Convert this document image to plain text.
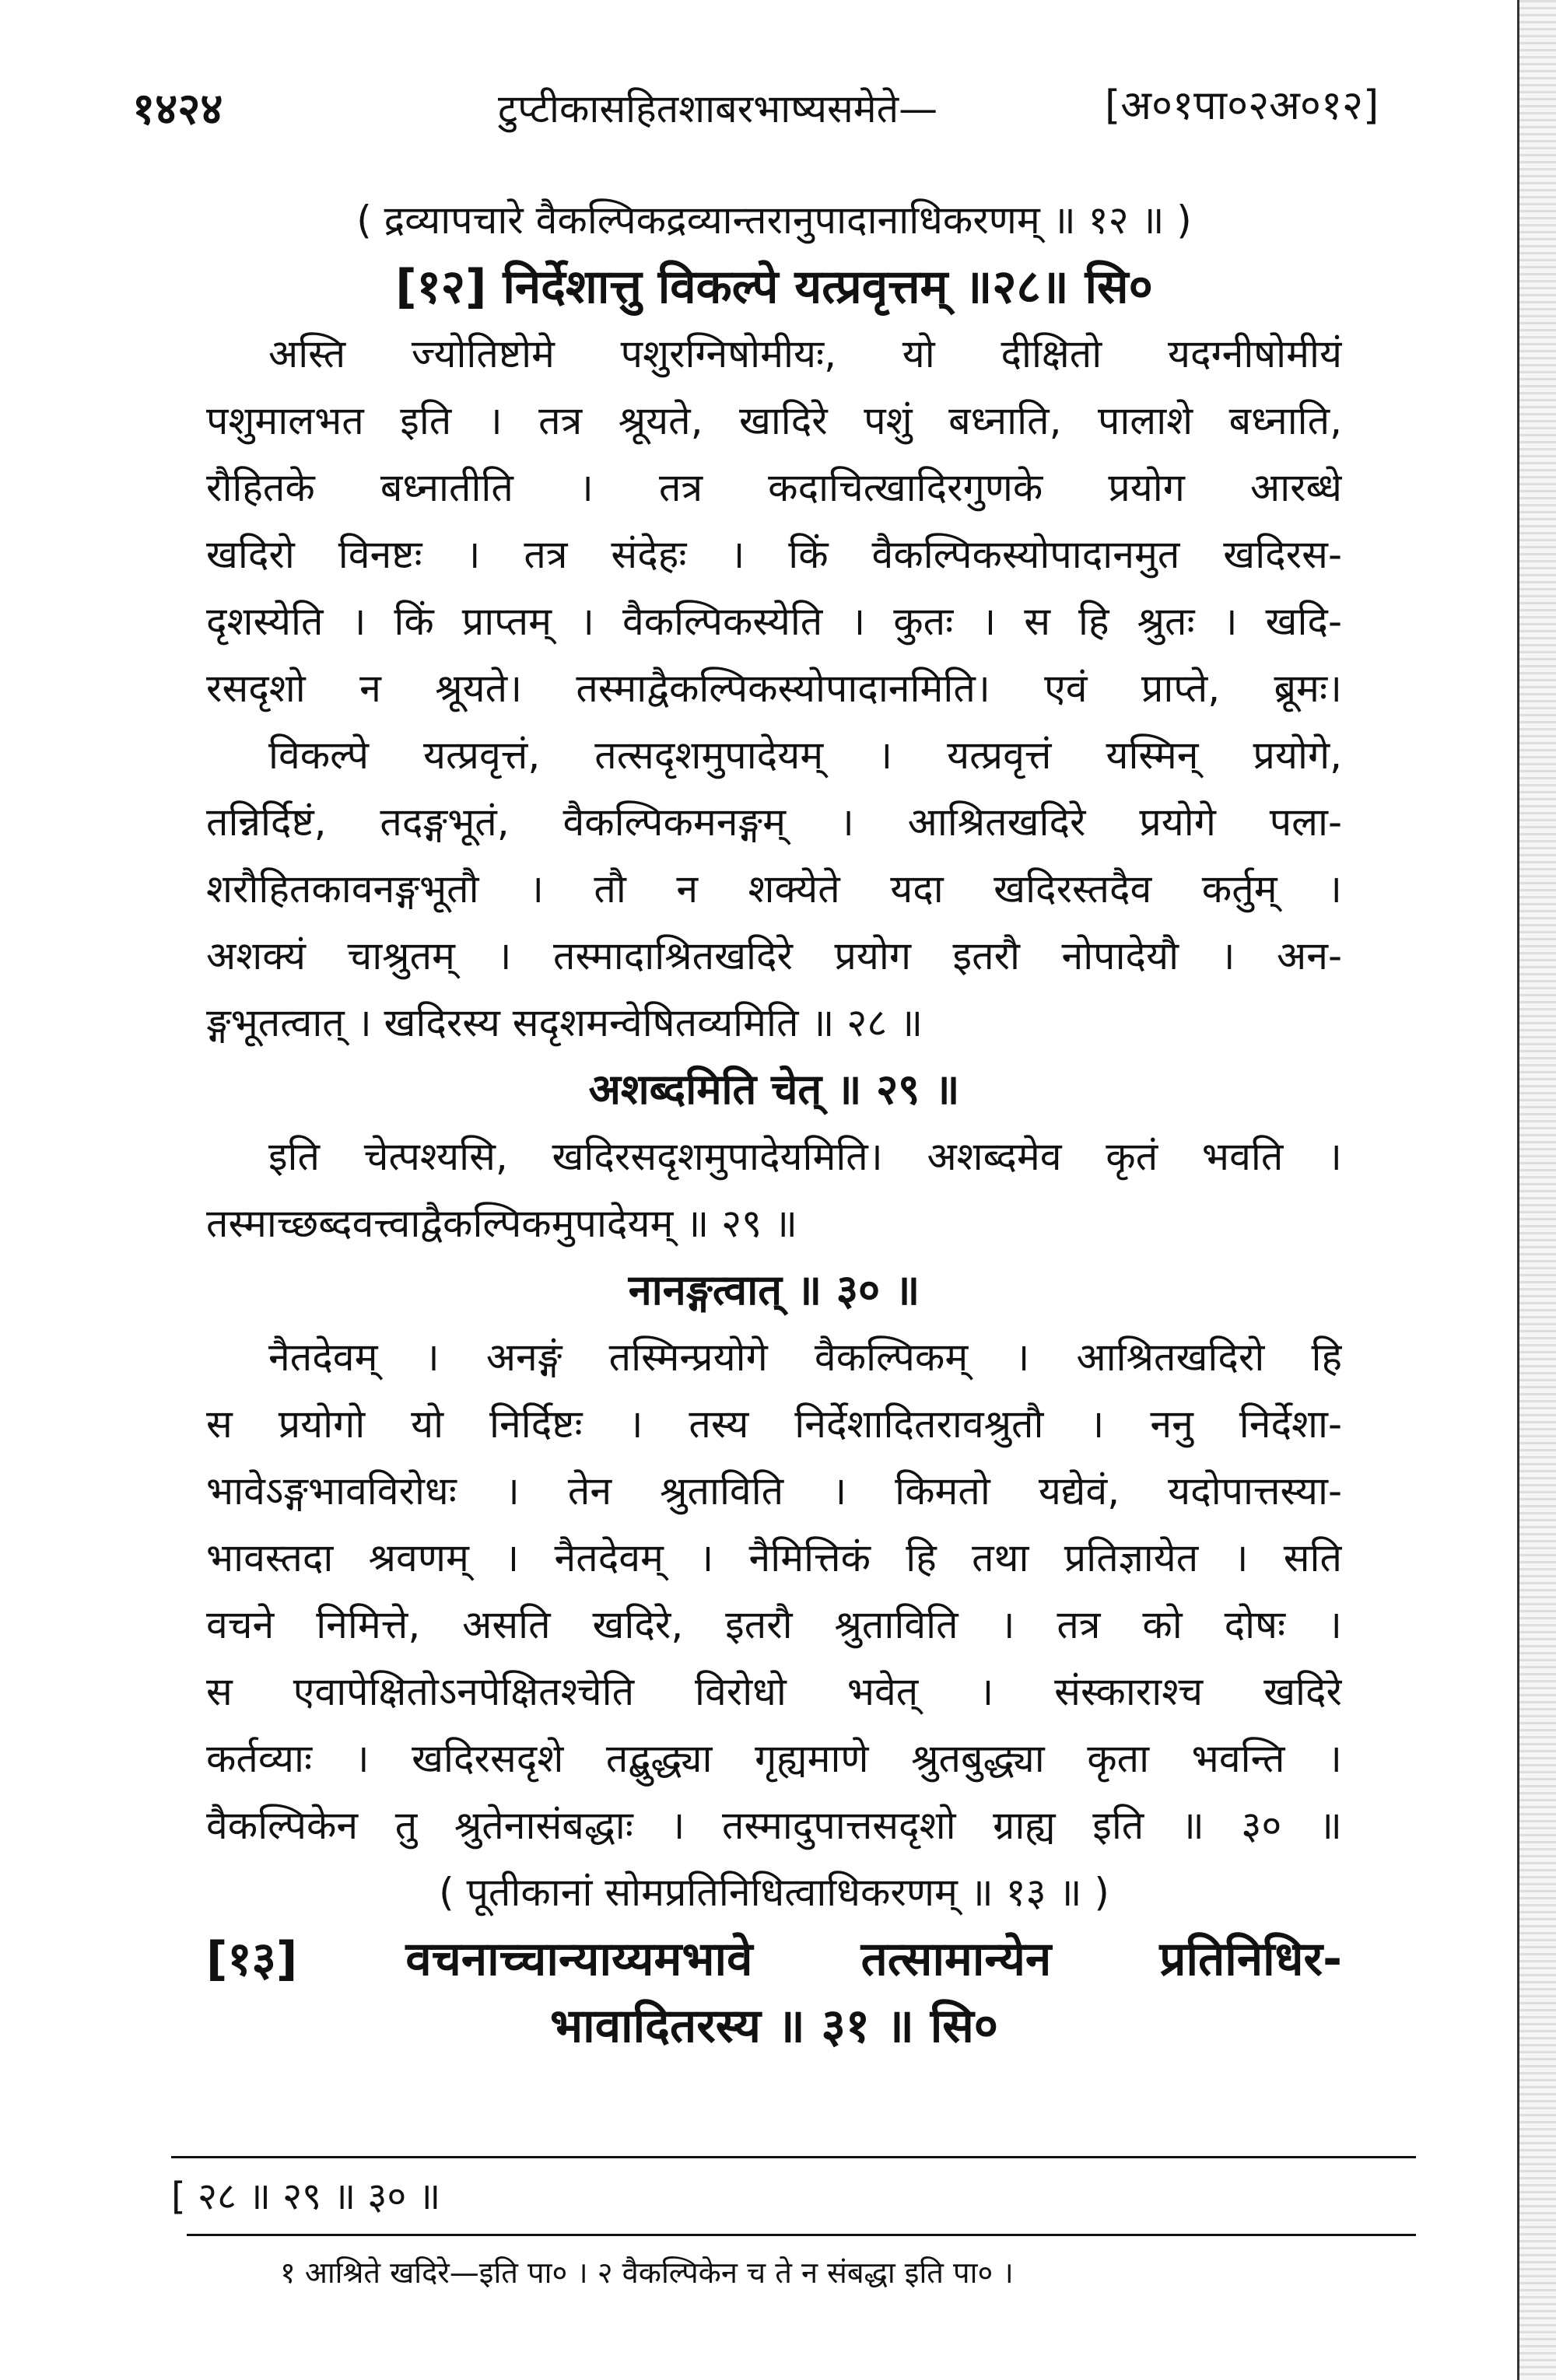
१४२४	टुप्टीकासहितशाबरभाष्यसमेते—	[अ०१पा०२अ०१२]
( द्रव्यापचारे वैकल्पिकद्रव्यान्तरानुपादानाधिकरणम् ॥ १२ ॥ )
[१२] निर्देशात्तु विकल्पे यत्प्रवृत्तम् ॥२८॥ सि०
अस्ति ज्योतिष्टोमे पशुरग्निषोमीयः, यो दीक्षितो यदग्नीषोमीयं
पशुमालभत इति । तत्र श्रूयते, खादिरे पशुं बध्नाति, पालाशे बध्नाति,
रौहितके बध्नातीति । तत्र कदाचित्खादिरगुणके प्रयोग आरब्धे
खदिरो विनष्टः । तत्र संदेहः । किं वैकल्पिकस्योपादानमुत खदिरस-
दृशस्येति । किं प्राप्तम् । वैकल्पिकस्येति । कुतः । स हि श्रुतः । खदि-
रसदृशो न श्रूयते। तस्माद्वैकल्पिकस्योपादानमिति। एवं प्राप्ते, ब्रूमः।
विकल्पे यत्प्रवृत्तं, तत्सदृशमुपादेयम् । यत्प्रवृत्तं यस्मिन् प्रयोगे,
तन्निर्दिष्टं, तदङ्गभूतं, वैकल्पिकमनङ्गम् । आश्रितखदिरे प्रयोगे पला-
शरौहितकावनङ्गभूतौ । तौ न शक्येते यदा खदिरस्तदैव कर्तुम् ।
अशक्यं चाश्रुतम् । तस्मादाश्रितखदिरे प्रयोग इतरौ नोपादेयौ । अन-
ङ्गभूतत्वात् । खदिरस्य सदृशमन्वेषितव्यमिति ॥ २८ ॥
अशब्दमिति चेत् ॥ २९ ॥
इति चेत्पश्यसि, खदिरसदृशमुपादेयमिति। अशब्दमेव कृतं भवति ।
तस्माच्छब्दवत्त्वाद्वैकल्पिकमुपादेयम् ॥ २९ ॥
नानङ्गत्वात् ॥ ३० ॥
नैतदेवम् । अनङ्गं तस्मिन्प्रयोगे वैकल्पिकम् । आश्रितखदिरो हि
स प्रयोगो यो निर्दिष्टः । तस्य निर्देशादितरावश्रुतौ । ननु निर्देशा-
भावेऽङ्गभावविरोधः । तेन श्रुताविति । किमतो यद्येवं, यदोपात्तस्या-
भावस्तदा श्रवणम् । नैतदेवम् । नैमित्तिकं हि तथा प्रतिज्ञायेत । सति
वचने निमित्ते, असति खदिरे, इतरौ श्रुताविति । तत्र को दोषः ।
स एवापेक्षितोऽनपेक्षितश्चेति विरोधो भवेत् । संस्काराश्च खदिरे
कर्तव्याः । खदिरसदृशे तद्बुद्ध्या गृह्यमाणे श्रुतबुद्ध्या कृता भवन्ति ।
वैकल्पिकेन तु श्रुतेनासंबद्धाः । तस्मादुपात्तसदृशो ग्राह्य इति ॥ ३० ॥
( पूतीकानां सोमप्रतिनिधित्वाधिकरणम् ॥ १३ ॥ )
[१३] वचनाच्चान्याय्यमभावे तत्सामान्येन प्रतिनिधिर-
भावादितरस्य ॥ ३१ ॥ सि०
[ २८ ॥ २९ ॥ ३० ॥
१ आश्रिते खदिरे—इति पा० । २ वैकल्पिकेन च ते न संबद्धा इति पा० ।
